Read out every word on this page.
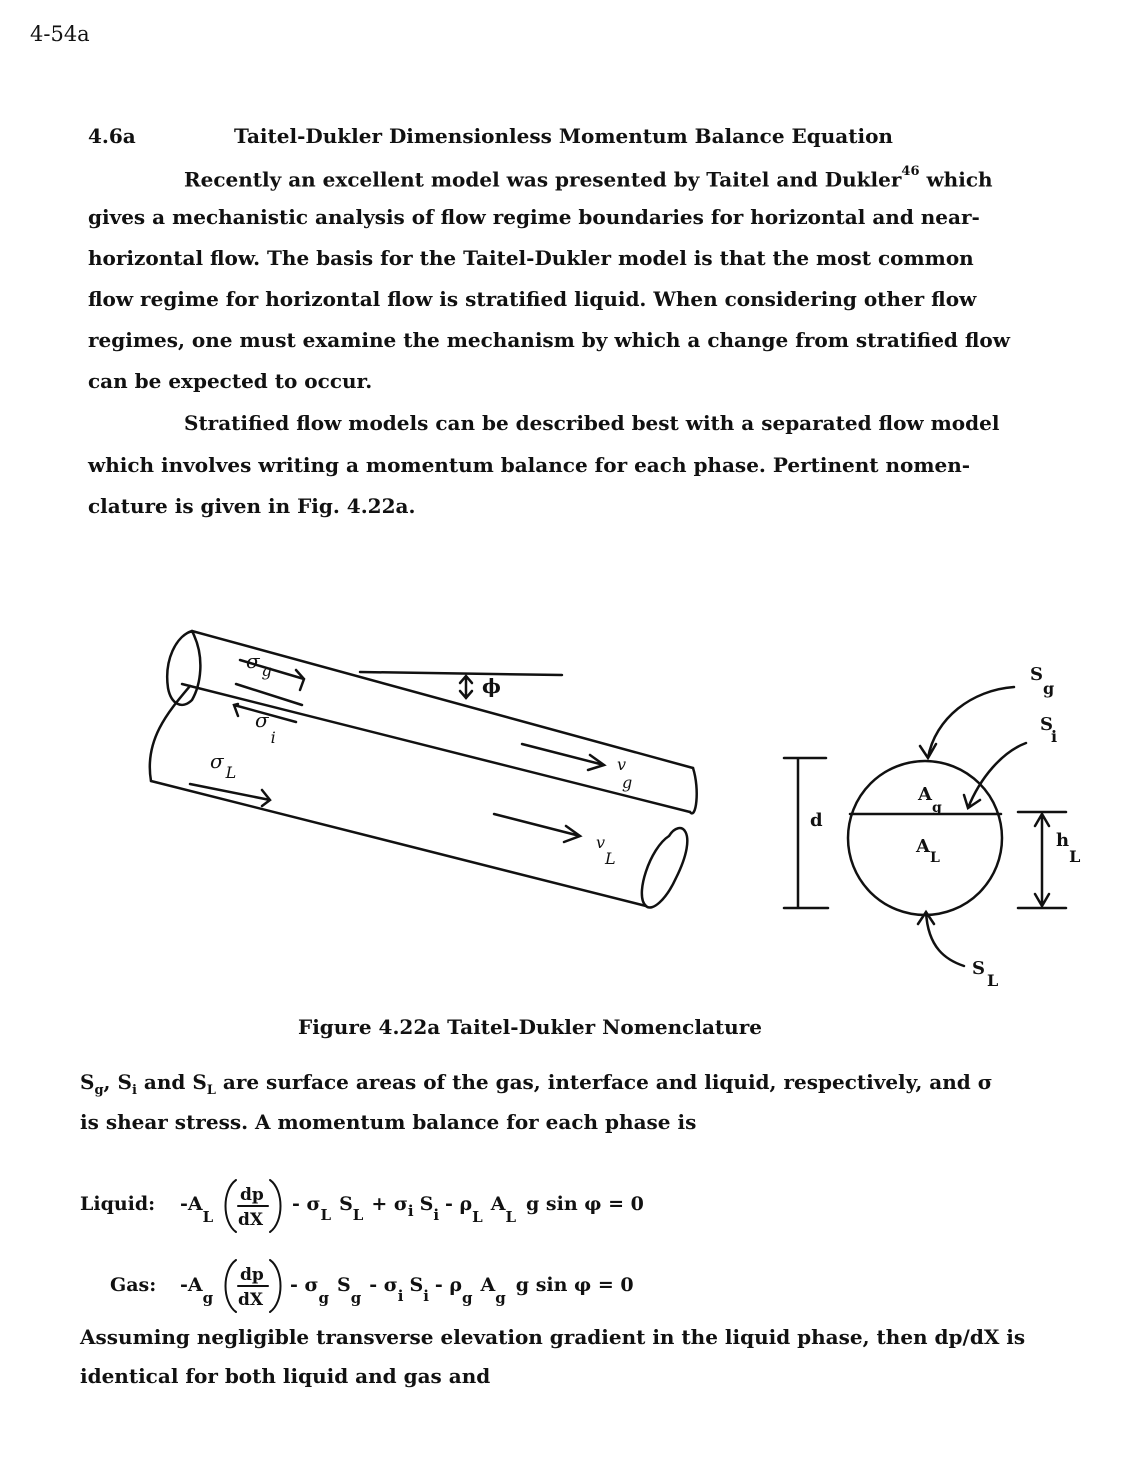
4-54a
4.6a	Taitel-Dukler Dimensionless Momentum Balance Equation
Recently an excellent model was presented by Taitel and Dukler$^{46}$ which
gives a mechanistic analysis of flow regime boundaries for horizontal and near-
horizontal flow. The basis for the Taitel-Dukler model is that the most common
flow regime for horizontal flow is stratified liquid. When considering other flow
regimes, one must examine the mechanism by which a change from stratified flow
can be expected to occur.
Stratified flow models can be described best with a separated flow model
which involves writing a momentum balance for each phase. Pertinent nomen-
clature is given in Fig. 4.22a.
σ $_g$
$\sigma_i$
σ $_L$	v g
$v_L$
ϕ
d
$A_g$
$A_L$
hL
Sg
S i
SL
Figure 4.22a Taitel-Dukler Nomenclature
$S_g$, $S_i$ and $S_L$ are surface areas of the gas, interface and liquid, respectively, and σ
is shear stress. A momentum balance for each phase is
Liquid: $-A_L$
dp
dX
- $\sigma_L$ $S_L + \sigma_i$ $S_i - \rho_LA_Lg$ sin φ = 0
Gas: $-A_g$
dp
dX
- $\sigma_gS_g-$ $\sigma_i$ $S_i - \rho_gA_gg$ sin φ = 0
Assuming negligible transverse elevation gradient in the liquid phase, then dp/dX is
identical for both liquid and gas and
